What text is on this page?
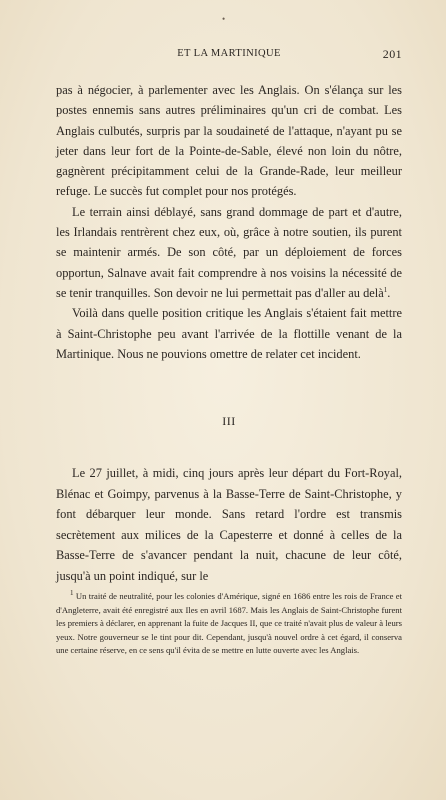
•
ET LA MARTINIQUE	201

pas à négocier, à parlementer avec les Anglais. On s'élança sur les postes ennemis sans autres préliminaires qu'un cri de combat. Les Anglais culbutés, surpris par la soudaineté de l'attaque, n'ayant pu se jeter dans leur fort de la Pointe-de-Sable, élevé non loin du nôtre, gagnèrent précipitamment celui de la Grande-Rade, leur meilleur refuge. Le succès fut complet pour nos protégés.

Le terrain ainsi déblayé, sans grand dommage de part et d'autre, les Irlandais rentrèrent chez eux, où, grâce à notre soutien, ils purent se maintenir armés. De son côté, par un déploiement de forces opportun, Salnave avait fait comprendre à nos voisins la nécessité de se tenir tranquilles. Son devoir ne lui permettait pas d'aller au delà$^1$.

Voilà dans quelle position critique les Anglais s'étaient fait mettre à Saint-Christophe peu avant l'arrivée de la flottille venant de la Martinique. Nous ne pouvions omettre de relater cet incident.

III

Le 27 juillet, à midi, cinq jours après leur départ du Fort-Royal, Blénac et Goimpy, parvenus à la Basse-Terre de Saint-Christophe, y font débarquer leur monde. Sans retard l'ordre est transmis secrètement aux milices de la Capesterre et donné à celles de la Basse-Terre de s'avancer pendant la nuit, chacune de leur côté, jusqu'à un point indiqué, sur le

$^1$ Un traité de neutralité, pour les colonies d'Amérique, signé en 1686 entre les rois de France et d'Angleterre, avait été enregistré aux Iles en avril 1687. Mais les Anglais de Saint-Christophe furent les premiers à déclarer, en apprenant la fuite de Jacques II, que ce traité n'avait plus de valeur à leurs yeux. Notre gouverneur se le tint pour dit. Cependant, jusqu'à nouvel ordre à cet égard, il conserva une certaine réserve, en ce sens qu'il évita de se mettre en lutte ouverte avec les Anglais.
